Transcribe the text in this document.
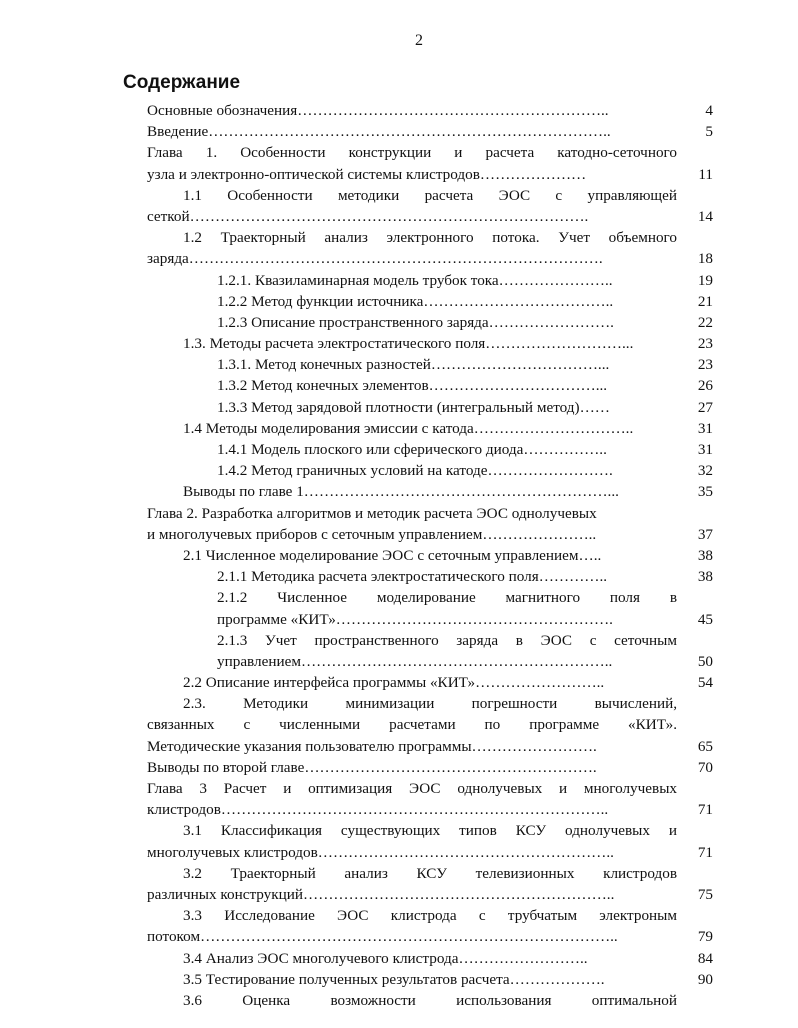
2
Содержание
Основные обозначения……………………………………………………..	4
Введение……………………………………………………………………..	5
Глава 1. Особенности конструкции и расчета катодно-сеточного
узла и электронно-оптической системы клистродов…………………	11
1.1 Особенности методики расчета ЭОС с управляющей
сеткой…………………………………………………………………….	14
1.2 Траекторный анализ электронного потока. Учет объемного
заряда……………………………………………………………………….	18
1.2.1. Квазиламинарная модель трубок тока…………………..	19
1.2.2 Метод функции источника………………………………..	21
1.2.3 Описание пространственного заряда…………………….	22
1.3. Методы расчета электростатического поля………………………...	23
1.3.1. Метод конечных разностей……………………………...	23
1.3.2 Метод конечных элементов……………………………...	26
1.3.3 Метод зарядовой плотности (интегральный метод)……	27
1.4 Методы моделирования эмиссии с катода…………………………..	31
1.4.1 Модель плоского или сферического диода……………..	31
1.4.2 Метод граничных условий на катоде…………………….	32
Выводы по главе 1……………………………………………………...	35
Глава 2. Разработка алгоритмов и методик расчета ЭОС однолучевых
и многолучевых приборов с сеточным управлением…………………..	37
2.1 Численное моделирование ЭОС с сеточным управлением…..	38
2.1.1 Методика расчета электростатического поля…………..	38
2.1.2 Численное моделирование магнитного поля в
программе «КИТ»……………………………………………….	45
2.1.3 Учет пространственного заряда в ЭОС с сеточным
управлением……………………………………………………..	50
2.2 Описание интерфейса программы «КИТ»……………………..	54
2.3. Методики минимизации погрешности вычислений,
связанных с численными расчетами по программе «КИТ».
Методические указания пользователю программы…………………….	65
Выводы по второй главе………………………………………………….	70
Глава 3 Расчет и оптимизация ЭОС однолучевых и многолучевых
клистродов…………………………………………………………………..	71
3.1 Классификация существующих типов КСУ однолучевых и
многолучевых клистродов…………………………………………………..	71
3.2 Траекторный анализ КСУ телевизионных клистродов
различных конструкций……………………………………………………..	75
3.3 Исследование ЭОС клистрода с трубчатым электроным
потоком………………………………………………………………………..	79
3.4 Анализ ЭОС многолучевого клистрода……………………..	84
3.5 Тестирование полученных результатов расчета……………….	90
3.6 Оценка возможности использования оптимальной
